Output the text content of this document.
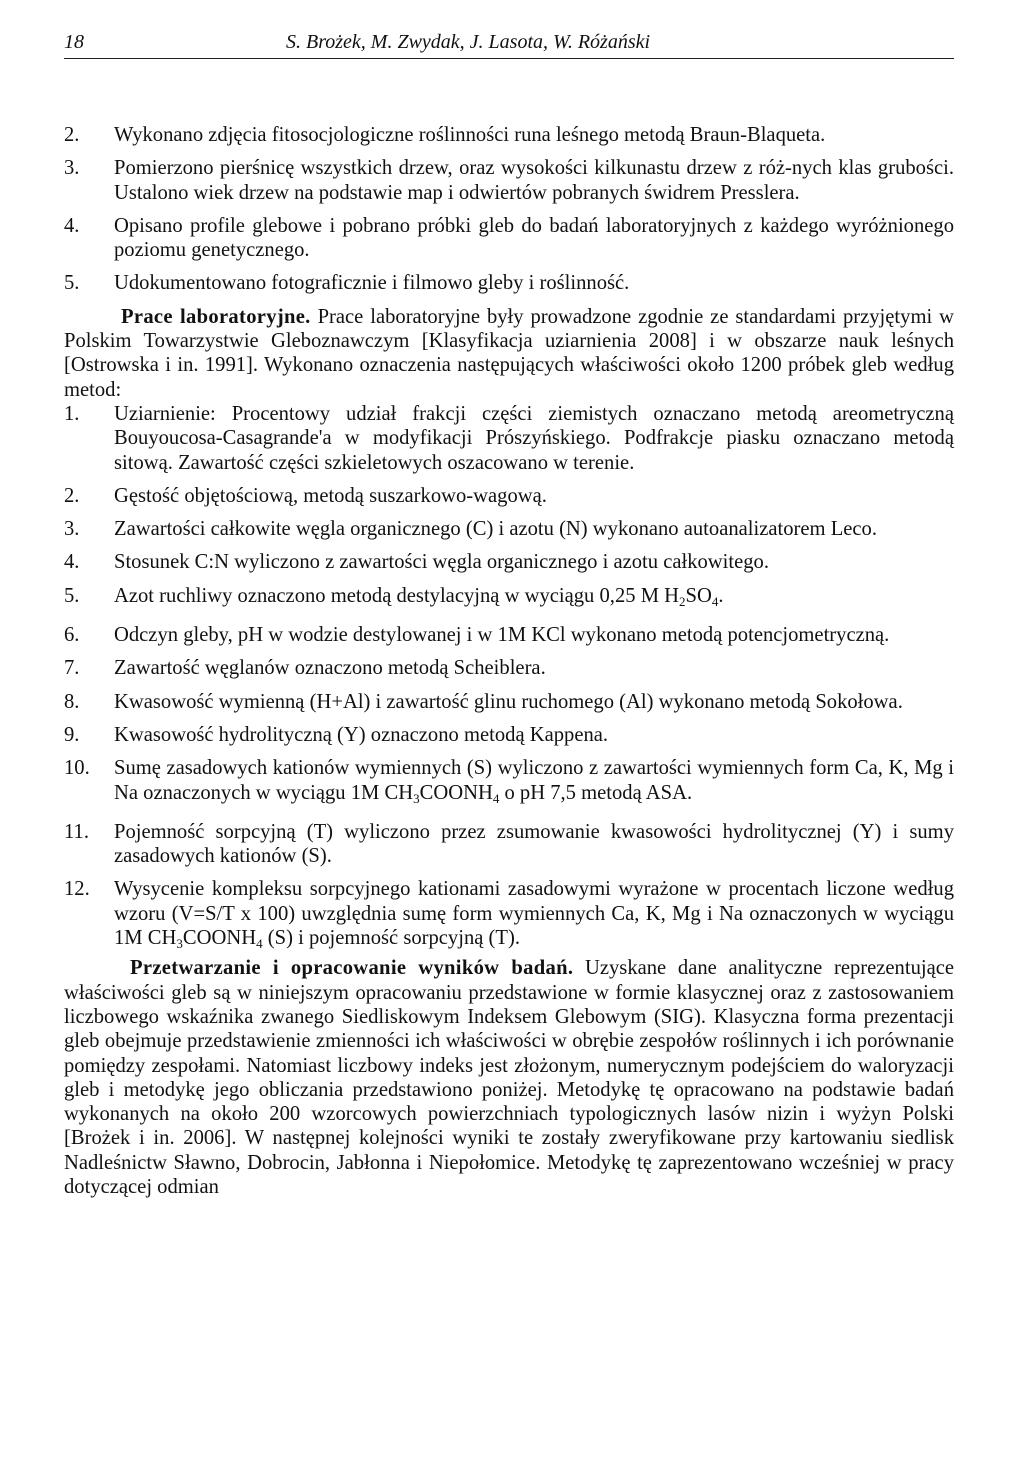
18	S. Brożek, M. Zwydak, J. Lasota, W. Różański
2. Wykonano zdjęcia fitosocjologiczne roślinności runa leśnego metodą Braun-Blaqueta.
3. Pomierzono pierśnicę wszystkich drzew, oraz wysokości kilkunastu drzew z róż-nych klas grubości. Ustalono wiek drzew na podstawie map i odwiertów pobranych świdrem Presslera.
4. Opisano profile glebowe i pobrano próbki gleb do badań laboratoryjnych z każdego wyróżnionego poziomu genetycznego.
5. Udokumentowano fotograficznie i filmowo gleby i roślinność.

Prace laboratoryjne. Prace laboratoryjne były prowadzone zgodnie ze standardami przyjętymi w Polskim Towarzystwie Gleboznawczym [Klasyfikacja uziarnienia 2008] i w obszarze nauk leśnych [Ostrowska i in. 1991]. Wykonano oznaczenia następujących właściwości około 1200 próbek gleb według metod:

1. Uziarnienie: Procentowy udział frakcji części ziemistych oznaczano metodą areometryczną Bouyoucosa-Casagrande'a w modyfikacji Prószyńskiego. Podfrakcje piasku oznaczano metodą sitową. Zawartość części szkieletowych oszacowano w terenie.
2. Gęstość objętościową, metodą suszarkowo-wagową.
3. Zawartości całkowite węgla organicznego (C) i azotu (N) wykonano autoanalizatorem Leco.
4. Stosunek C:N wyliczono z zawartości węgla organicznego i azotu całkowitego.
5. Azot ruchliwy oznaczono metodą destylacyjną w wyciągu 0,25 M $H_2SO_4$.
6. Odczyn gleby, pH w wodzie destylowanej i w 1M KCl wykonano metodą potencjometryczną.
7. Zawartość węglanów oznaczono metodą Scheiblera.
8. Kwasowość wymienną (H+Al) i zawartość glinu ruchomego (Al) wykonano metodą Sokołowa.
9. Kwasowość hydrolityczną (Y) oznaczono metodą Kappena.
10. Sumę zasadowych kationów wymiennych (S) wyliczono z zawartości wymiennych form Ca, K, Mg i Na oznaczonych w wyciągu 1M $CH_3COONH_4$ o pH 7,5 metodą ASA.
11. Pojemność sorpcyjną (T) wyliczono przez zsumowanie kwasowości hydrolitycznej (Y) i sumy zasadowych kationów (S).
12. Wysycenie kompleksu sorpcyjnego kationami zasadowymi wyrażone w procentach liczone według wzoru (V=S/T x 100) uwzględnia sumę form wymiennych Ca, K, Mg i Na oznaczonych w wyciągu 1M $CH_3COONH_4$ (S) i pojemność sorpcyjną (T).

Przetwarzanie i opracowanie wyników badań. Uzyskane dane analityczne reprezentujące właściwości gleb są w niniejszym opracowaniu przedstawione w formie klasycznej oraz z zastosowaniem liczbowego wskaźnika zwanego Siedliskowym Indeksem Glebowym (SIG). Klasyczna forma prezentacji gleb obejmuje przedstawienie zmienności ich właściwości w obrębie zespołów roślinnych i ich porównanie pomiędzy zespołami. Natomiast liczbowy indeks jest złożonym, numerycznym podejściem do waloryzacji gleb i metodykę jego obliczania przedstawiono poniżej. Metodykę tę opracowano na podstawie badań wykonanych na około 200 wzorcowych powierzchniach typologicznych lasów nizin i wyżyn Polski [Brożek i in. 2006]. W następnej kolejności wyniki te zostały zweryfikowane przy kartowaniu siedlisk Nadleśnictw Sławno, Dobrocin, Jabłonna i Niepołomice. Metodykę tę zaprezentowano wcześniej w pracy dotyczącej odmian
